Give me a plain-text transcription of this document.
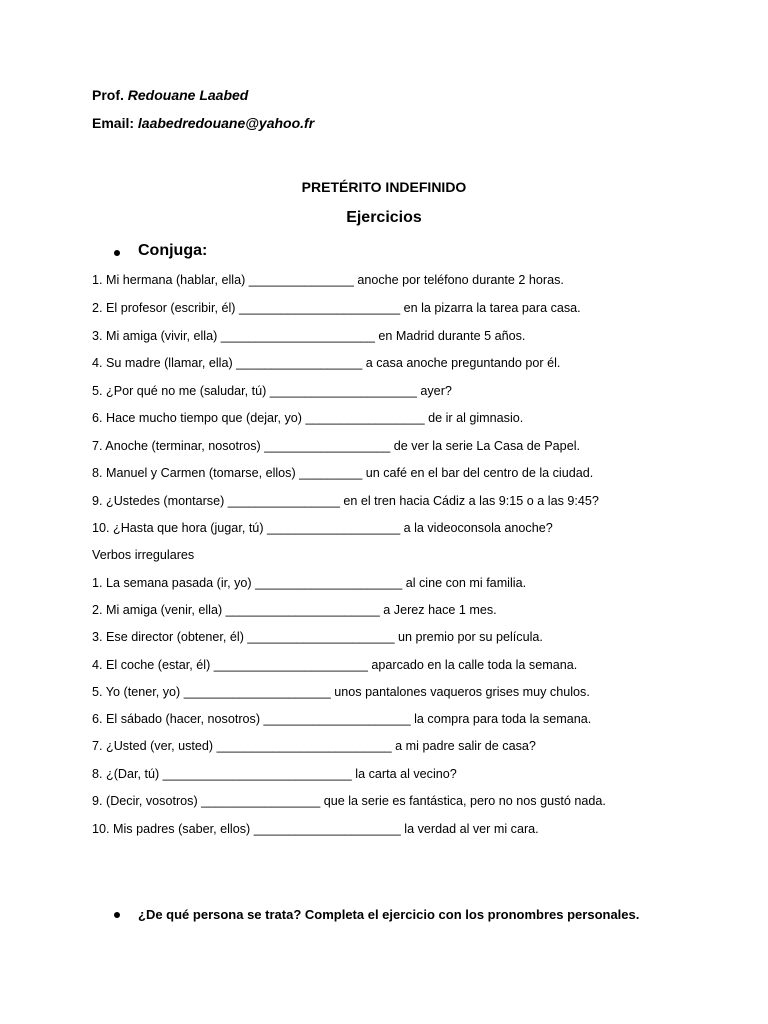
Prof. Redouane Laabed
Email: laabedredouane@yahoo.fr
PRETÉRITO INDEFINIDO
Ejercicios
Conjuga:
1. Mi hermana (hablar, ella) _______________ anoche por teléfono durante 2 horas.
2. El profesor (escribir, él) _______________________ en la pizarra la tarea para casa.
3. Mi amiga (vivir, ella) ______________________ en Madrid durante 5 años.
4. Su madre (llamar, ella) __________________ a casa anoche preguntando por él.
5. ¿Por qué no me (saludar, tú) _____________________ ayer?
6. Hace mucho tiempo que (dejar, yo) _________________ de ir al gimnasio.
7. Anoche (terminar, nosotros) __________________ de ver la serie La Casa de Papel.
8. Manuel y Carmen (tomarse, ellos) _________ un café en el bar del centro de la ciudad.
9. ¿Ustedes (montarse) ________________ en el tren hacia Cádiz a las 9:15 o a las 9:45?
10. ¿Hasta que hora (jugar, tú) ___________________ a la videoconsola anoche?
Verbos irregulares
1. La semana pasada (ir, yo) _____________________ al cine con mi familia.
2. Mi amiga (venir, ella) ______________________ a Jerez hace 1 mes.
3. Ese director (obtener, él) _____________________ un premio por su película.
4. El coche (estar, él) ______________________ aparcado en la calle toda la semana.
5. Yo (tener, yo) _____________________ unos pantalones vaqueros grises muy chulos.
6. El sábado (hacer, nosotros) _____________________ la compra para toda la semana.
7. ¿Usted (ver, usted) _________________________ a mi padre salir de casa?
8. ¿(Dar, tú) ___________________________ la carta al vecino?
9. (Decir, vosotros) _________________ que la serie es fantástica, pero no nos gustó nada.
10. Mis padres (saber, ellos) _____________________ la verdad al ver mi cara.
¿De qué persona se trata? Completa el ejercicio con los pronombres personales.
